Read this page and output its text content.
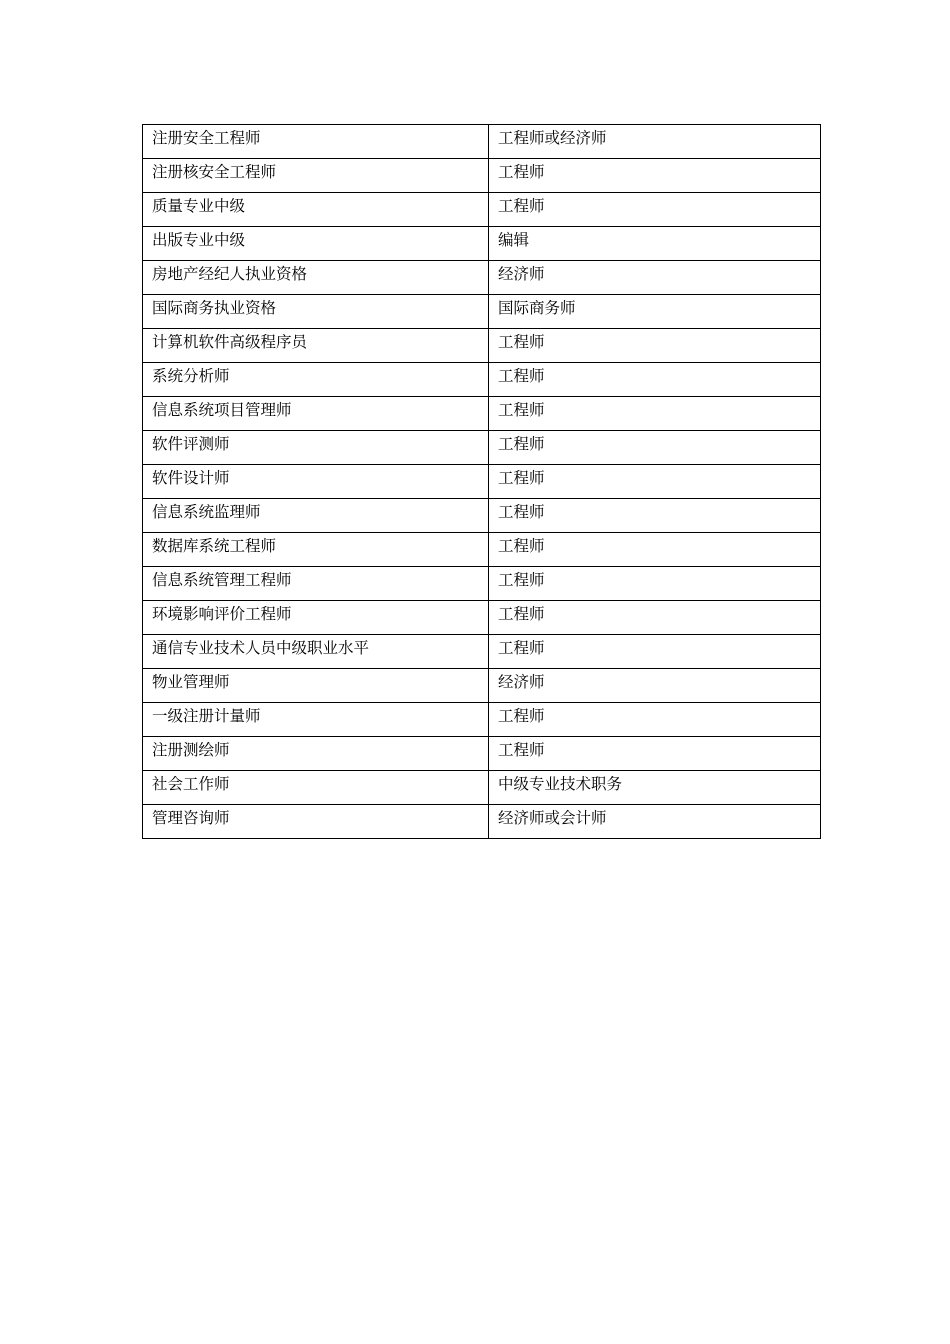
注册安全工程师	工程师或经济师
注册核安全工程师	工程师
质量专业中级	工程师
出版专业中级	编辑
房地产经纪人执业资格	经济师
国际商务执业资格	国际商务师
计算机软件高级程序员	工程师
系统分析师	工程师
信息系统项目管理师	工程师
软件评测师	工程师
软件设计师	工程师
信息系统监理师	工程师
数据库系统工程师	工程师
信息系统管理工程师	工程师
环境影响评价工程师	工程师
通信专业技术人员中级职业水平	工程师
物业管理师	经济师
一级注册计量师	工程师
注册测绘师	工程师
社会工作师	中级专业技术职务
管理咨询师	经济师或会计师
